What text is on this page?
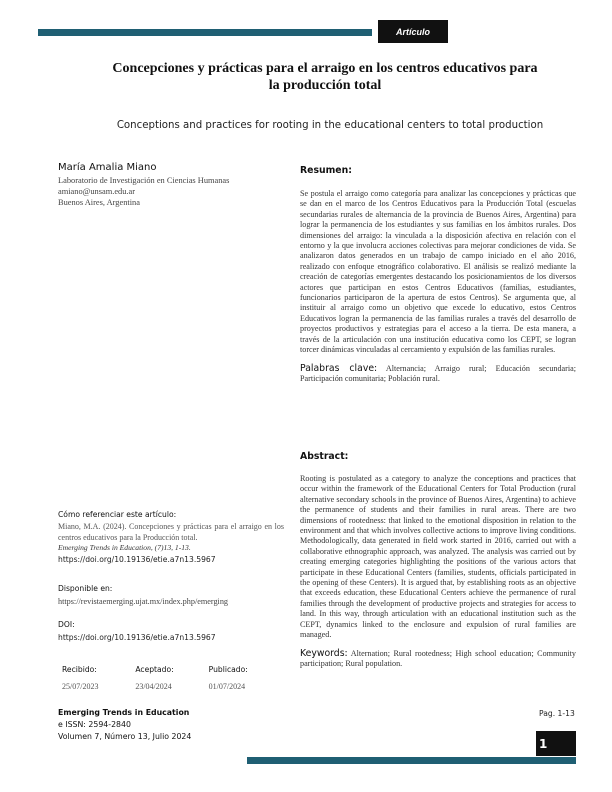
Artículo
Concepciones y prácticas para el arraigo en los centros educativos para
la producción total
Conceptions and practices for rooting in the educational centers to total production
María Amalia Miano
Laboratorio de Investigación en Ciencias Humanas
amiano@unsam.edu.ar
Buenos Aires, Argentina
Cómo referenciar este artículo:
Miano, M.A. (2024). Concepciones y prácticas para el arraigo en los centros educativos para la Producción total.
Emerging Trends in Education, (7)13, 1-13.
https://doi.org/10.19136/etie.a7n13.5967
Disponible en:
https://revistaemerging.ujat.mx/index.php/emerging
DOI:
https://doi.org/10.19136/etie.a7n13.5967
Recibido:
25/07/2023
Aceptado:
23/04/2024
Publicado:
01/07/2024
Emerging Trends in Education
e ISSN: 2594-2840
Volumen 7, Número 13, Julio 2024
Resumen:
Se postula el arraigo como categoría para analizar las concepciones y prácticas que se dan en el marco de los Centros Educativos para la Producción Total (escuelas secundarias rurales de alternancia de la provincia de Buenos Aires, Argentina) para lograr la permanencia de los estudiantes y sus familias en los ámbitos rurales. Dos dimensiones del arraigo: la vinculada a la disposición afectiva en relación con el entorno y la que involucra acciones colectivas para mejorar condiciones de vida. Se analizaron datos generados en un trabajo de campo iniciado en el año 2016, realizado con enfoque etnográfico colaborativo. El análisis se realizó mediante la creación de categorías emergentes destacando los posicionamientos de los diversos actores que participan en estos Centros Educativos (familias, estudiantes, funcionarios participaron de la apertura de estos Centros). Se argumenta que, al instituir al arraigo como un objetivo que excede lo educativo, estos Centros Educativos logran la permanencia de las familias rurales a través del desarrollo de proyectos productivos y estrategias para el acceso a la tierra. De esta manera, a través de la articulación con una institución educativa como los CEPT, se logran torcer dinámicas vinculadas al cercamiento y expulsión de las familias rurales.
Palabras clave: Alternancia; Arraigo rural; Educación secundaria; Participación comunitaria; Población rural.
Abstract:
Rooting is postulated as a category to analyze the conceptions and practices that occur within the framework of the Educational Centers for Total Production (rural alternative secondary schools in the province of Buenos Aires, Argentina) to achieve the permanence of students and their families in rural areas. There are two dimensions of rootedness: that linked to the emotional disposition in relation to the environment and that which involves collective actions to improve living conditions. Methodologically, data generated in field work started in 2016, carried out with a collaborative ethnographic approach, was analyzed. The analysis was carried out by creating emerging categories highlighting the positions of the various actors that participate in these Educational Centers (families, students, officials participated in the opening of these Centers). It is argued that, by establishing roots as an objective that exceeds education, these Educational Centers achieve the permanence of rural families through the development of productive projects and strategies for access to land. In this way, through articulation with an educational institution such as the CEPT, dynamics linked to the enclosure and expulsion of rural families are managed.
Keywords: Alternation; Rural rootedness; High school education; Community participation; Rural population.
Pag. 1-13
1
